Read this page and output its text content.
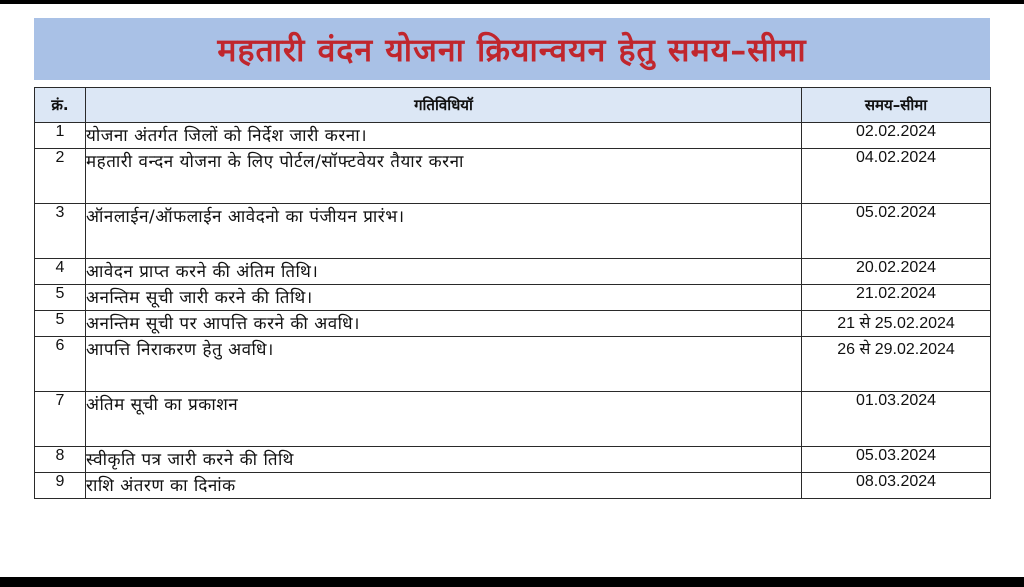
महतारी वंदन योजना क्रियान्वयन हेतु समय–सीमा
क्रं.	गतिविधियॉ	समय–सीमा
1	योजना अंतर्गत जिलों को निर्देश जारी करना।	02.02.2024
2	महतारी वन्दन योजना के लिए पोर्टल/सॉफ्टवेयर तैयार करना	04.02.2024
3	ऑनलाईन/ऑफलाईन आवेदनो का पंजीयन प्रारंभ।	05.02.2024
4	आवेदन प्राप्त करने की अंतिम तिथि।	20.02.2024
5	अनन्तिम सूची जारी करने की तिथि।	21.02.2024
5	अनन्तिम सूची पर आपत्ति करने की अवधि।	21 से 25.02.2024
6	आपत्ति निराकरण हेतु अवधि।	26 से 29.02.2024
7	अंतिम सूची का प्रकाशन	01.03.2024
8	स्वीकृति पत्र जारी करने की तिथि	05.03.2024
9	राशि अंतरण का दिनांक	08.03.2024
